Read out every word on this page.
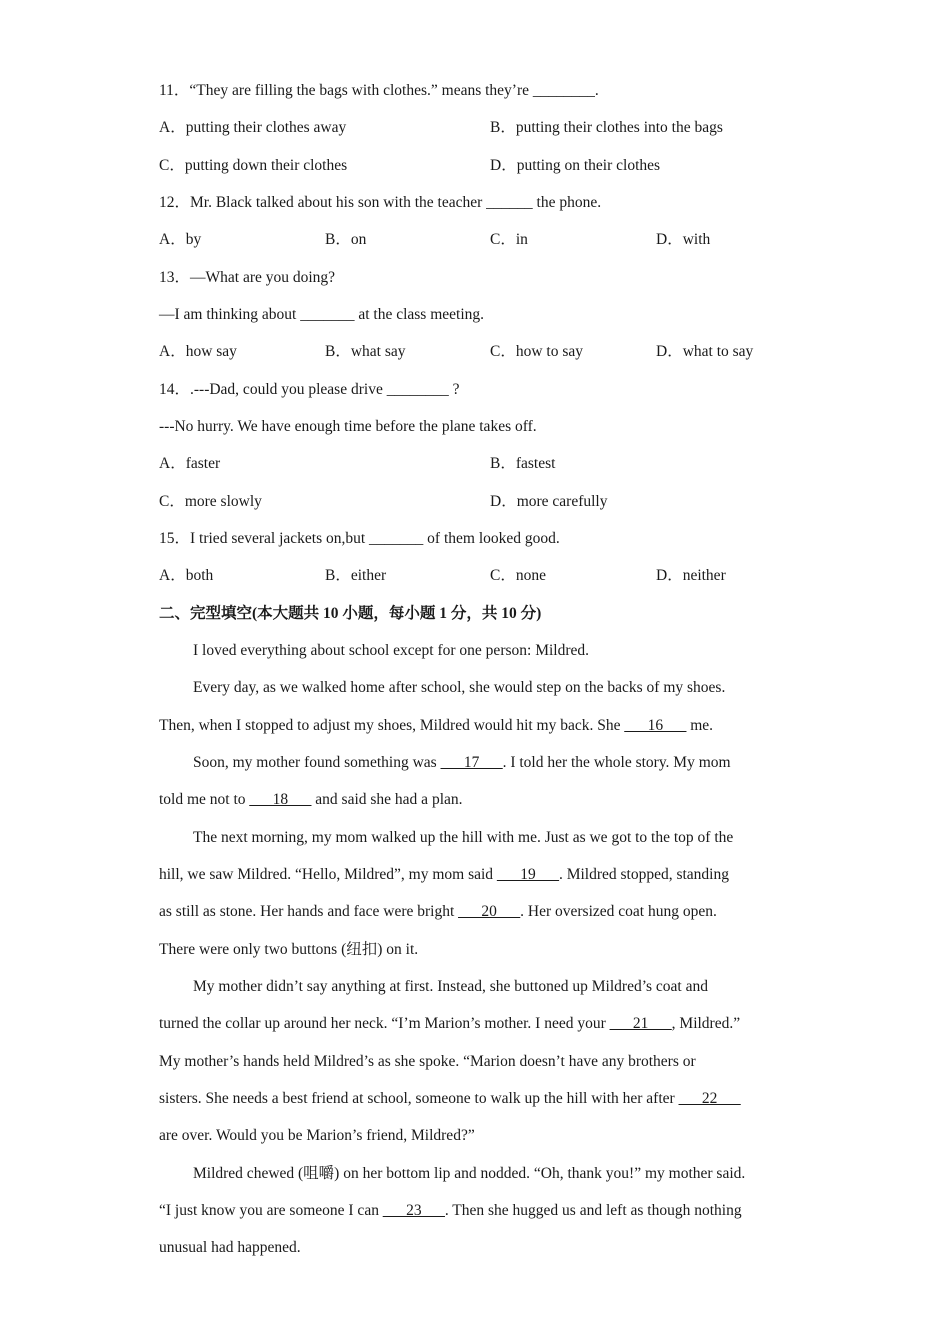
11．“They are filling the bags with clothes.” means they’re ________.
A．putting their clothes away	B．putting their clothes into the bags
C．putting down their clothes	D．putting on their clothes
12．Mr. Black talked about his son with the teacher ______ the phone.
A．by	B．on	C．in	D．with
13．—What are you doing?
—I am thinking about _______ at the class meeting.
A．how say	B．what say	C．how to say	D．what to say
14．.---Dad, could you please drive ________ ?
---No hurry. We have enough time before the plane takes off.
A．faster	B．fastest
C．more slowly	D．more carefully
15．I tried several jackets on,but _______ of them looked good.
A．both	B．either	C．none	D．neither
二、完型填空(本大题共 10 小题，每小题 1 分，共 10 分)
I loved everything about school except for one person: Mildred.
Every day, as we walked home after school, she would step on the backs of my shoes.
Then, when I stopped to adjust my shoes, Mildred would hit my back. She ___16___ me.
Soon, my mother found something was ___17___. I told her the whole story. My mom
told me not to ___18___ and said she had a plan.
The next morning, my mom walked up the hill with me. Just as we got to the top of the
hill, we saw Mildred. “Hello, Mildred”, my mom said ___19___. Mildred stopped, standing
as still as stone. Her hands and face were bright ___20___. Her oversized coat hung open.
There were only two buttons (纽扣) on it.
My mother didn’t say anything at first. Instead, she buttoned up Mildred’s coat and
turned the collar up around her neck. “I’m Marion’s mother. I need your ___21___, Mildred.”
My mother’s hands held Mildred’s as she spoke. “Marion doesn’t have any brothers or
sisters. She needs a best friend at school, someone to walk up the hill with her after ___22___
are over. Would you be Marion’s friend, Mildred?”
Mildred chewed (咀嚼) on her bottom lip and nodded. “Oh, thank you!” my mother said.
“I just know you are someone I can ___23___. Then she hugged us and left as though nothing
unusual had happened.
